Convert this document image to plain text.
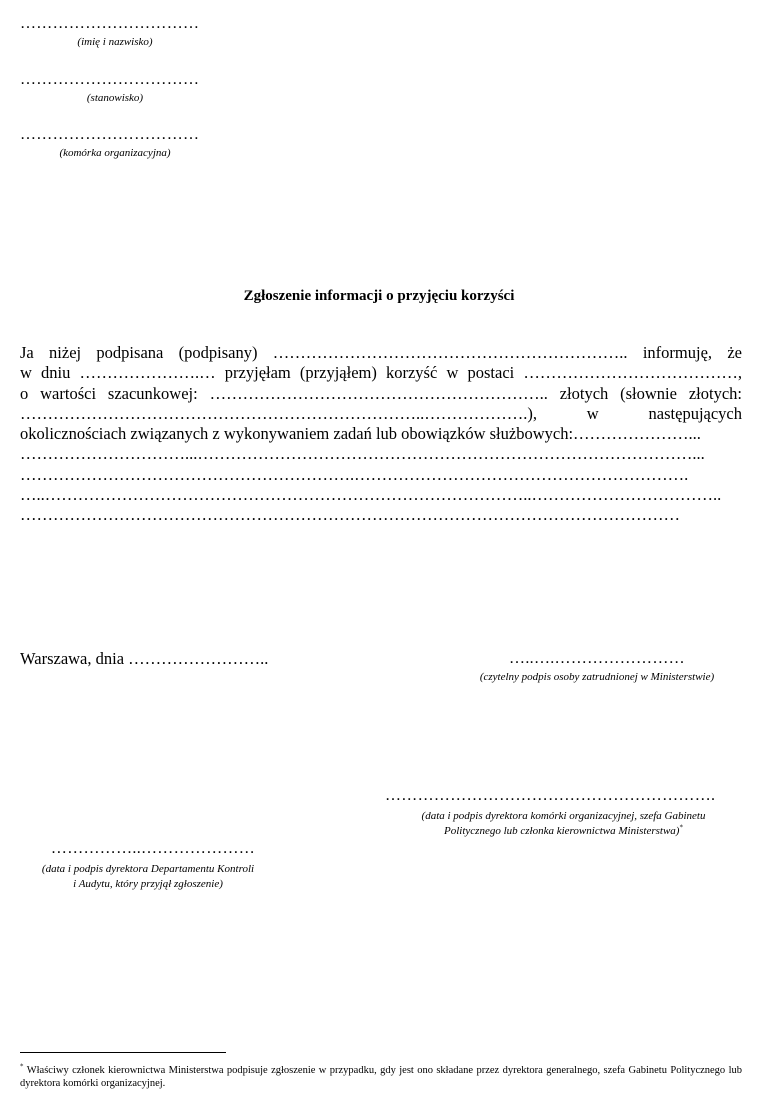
……………………………
(imię i nazwisko)
……………………………
(stanowisko)
……………………………
(komórka organizacyjna)
Zgłoszenie informacji o przyjęciu korzyści
Ja niżej podpisana (podpisany) ……………………………………………………….. informuję, że
w dniu ………………….… przyjęłam (przyjąłem) korzyść w postaci …………………………………,
o wartości szacunkowej: …………………………………………………….. złotych (słownie złotych:
………………………………………………………………..……………….), w następujących
okolicznościach związanych z wykonywaniem zadań lub obowiązków służbowych:…………………...
…………………………...………………………………………………………………………………...
…………………………………………………….…………………………………………………….
…..……………………………………………………………………………..……………………………..
…………………………………………………………………………………………………………
Warszawa, dnia ……………………..	…..….……………………
(czytelny podpis osoby zatrudnionej w Ministerstwie)
…………………………………………………….
(data i podpis dyrektora komórki organizacyjnej, szefa Gabinetu
Politycznego lub członka kierownictwa Ministerstwa)*
……………..…………………
(data i podpis dyrektora Departamentu Kontroli
i Audytu, który przyjął zgłoszenie)
* Właściwy członek kierownictwa Ministerstwa podpisuje zgłoszenie w przypadku, gdy jest ono składane przez dyrektora generalnego, szefa Gabinetu Politycznego lub dyrektora komórki organizacyjnej.
